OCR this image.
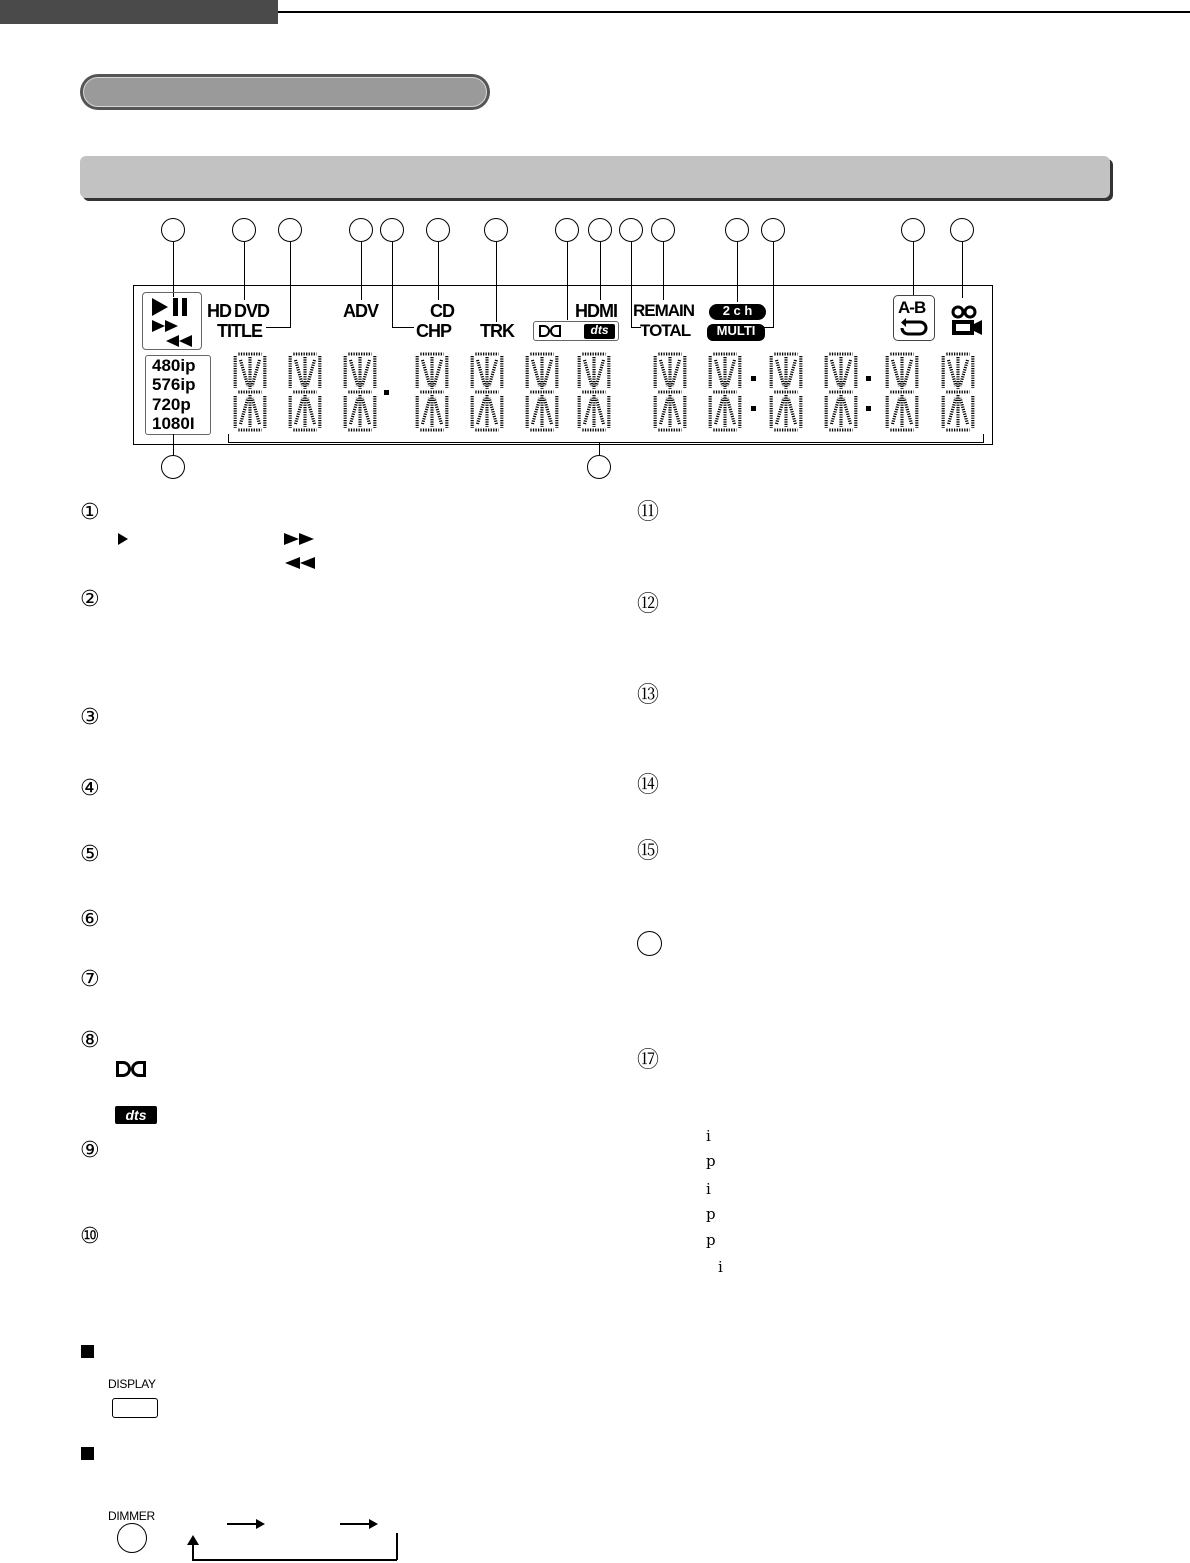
HD DVD
TITLE
ADV	CD
CHP TRK
HDMI REMAIN
TOTAL
dts
2 c h
MULTI
A-B
480ip
576ip
720p
1080I
①
②
③
④
⑤
⑥
⑦
⑧
⑨
⑩
dts
⑪
⑫
⑬
⑭
⑮
⑰
i
p
i
p
p
i
DISPLAY
DIMMER
